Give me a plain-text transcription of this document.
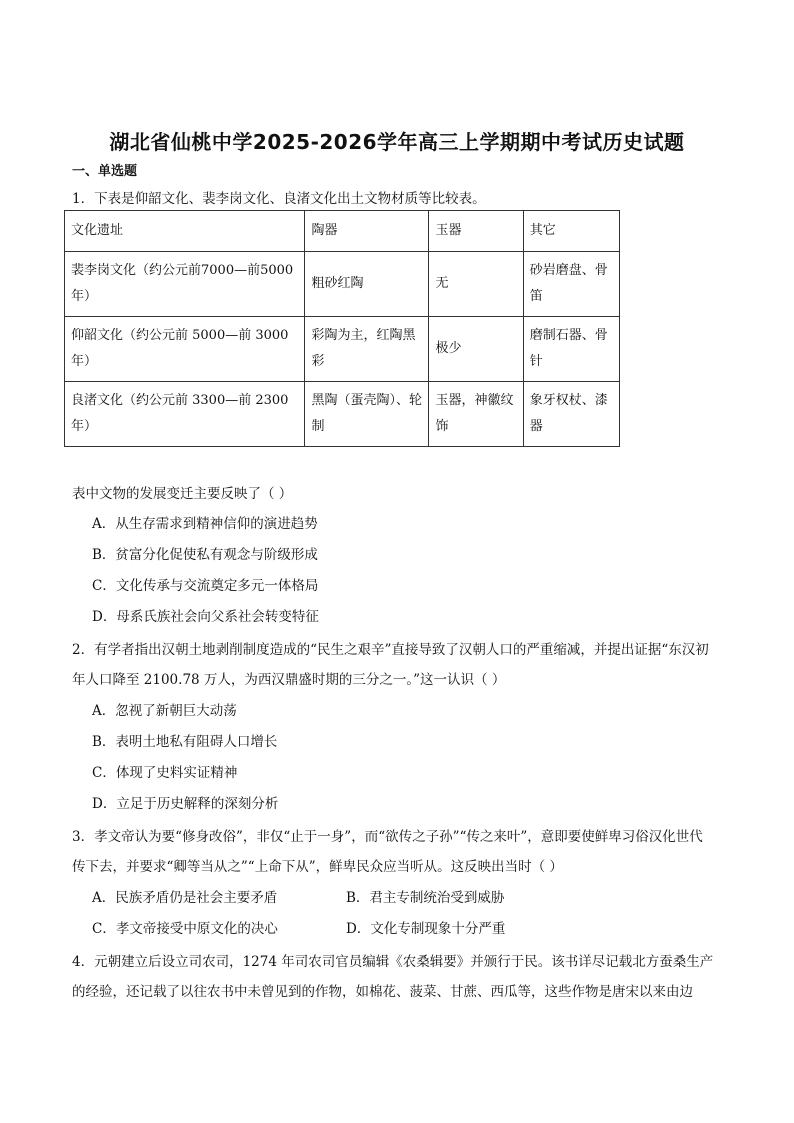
湖北省仙桃中学2025-2026学年高三上学期期中考试历史试题
一、单选题
1．下表是仰韶文化、裴李岗文化、良渚文化出土文物材质等比较表。
文化遗址	陶器	玉器	其它
裴李岗文化（约公元前7000—前5000年）	粗砂红陶	无	砂岩磨盘、骨笛
仰韶文化（约公元前 5000—前 3000年）	彩陶为主，红陶黑彩	极少	磨制石器、骨针
良渚文化（约公元前 3300—前 2300年）	黑陶（蛋壳陶）、轮制	玉器，神徽纹饰	象牙权杖、漆器
表中文物的发展变迁主要反映了（ ）
A．从生存需求到精神信仰的演进趋势
B．贫富分化促使私有观念与阶级形成
C．文化传承与交流奠定多元一体格局
D．母系氏族社会向父系社会转变特征
2．有学者指出汉朝土地剥削制度造成的“民生之艰辛”直接导致了汉朝人口的严重缩减，并提出证据“东汉初
年人口降至 2100.78 万人，为西汉鼎盛时期的三分之一。”这一认识（ ）
A．忽视了新朝巨大动荡
B．表明土地私有阻碍人口增长
C．体现了史料实证精神
D．立足于历史解释的深刻分析
3．孝文帝认为要“修身改俗”，非仅“止于一身”，而“欲传之子孙”“传之来叶”，意即要使鲜卑习俗汉化世代
传下去，并要求“卿等当从之”“上命下从”，鲜卑民众应当听从。这反映出当时（ ）
A．民族矛盾仍是社会主要矛盾	B．君主专制统治受到威胁
C．孝文帝接受中原文化的决心	D．文化专制现象十分严重
4．元朝建立后设立司农司，1274 年司农司官员编辑《农桑辑要》并颁行于民。该书详尽记载北方蚕桑生产
的经验，还记载了以往农书中未曾见到的作物，如棉花、菠菜、甘蔗、西瓜等，这些作物是唐宋以来由边
